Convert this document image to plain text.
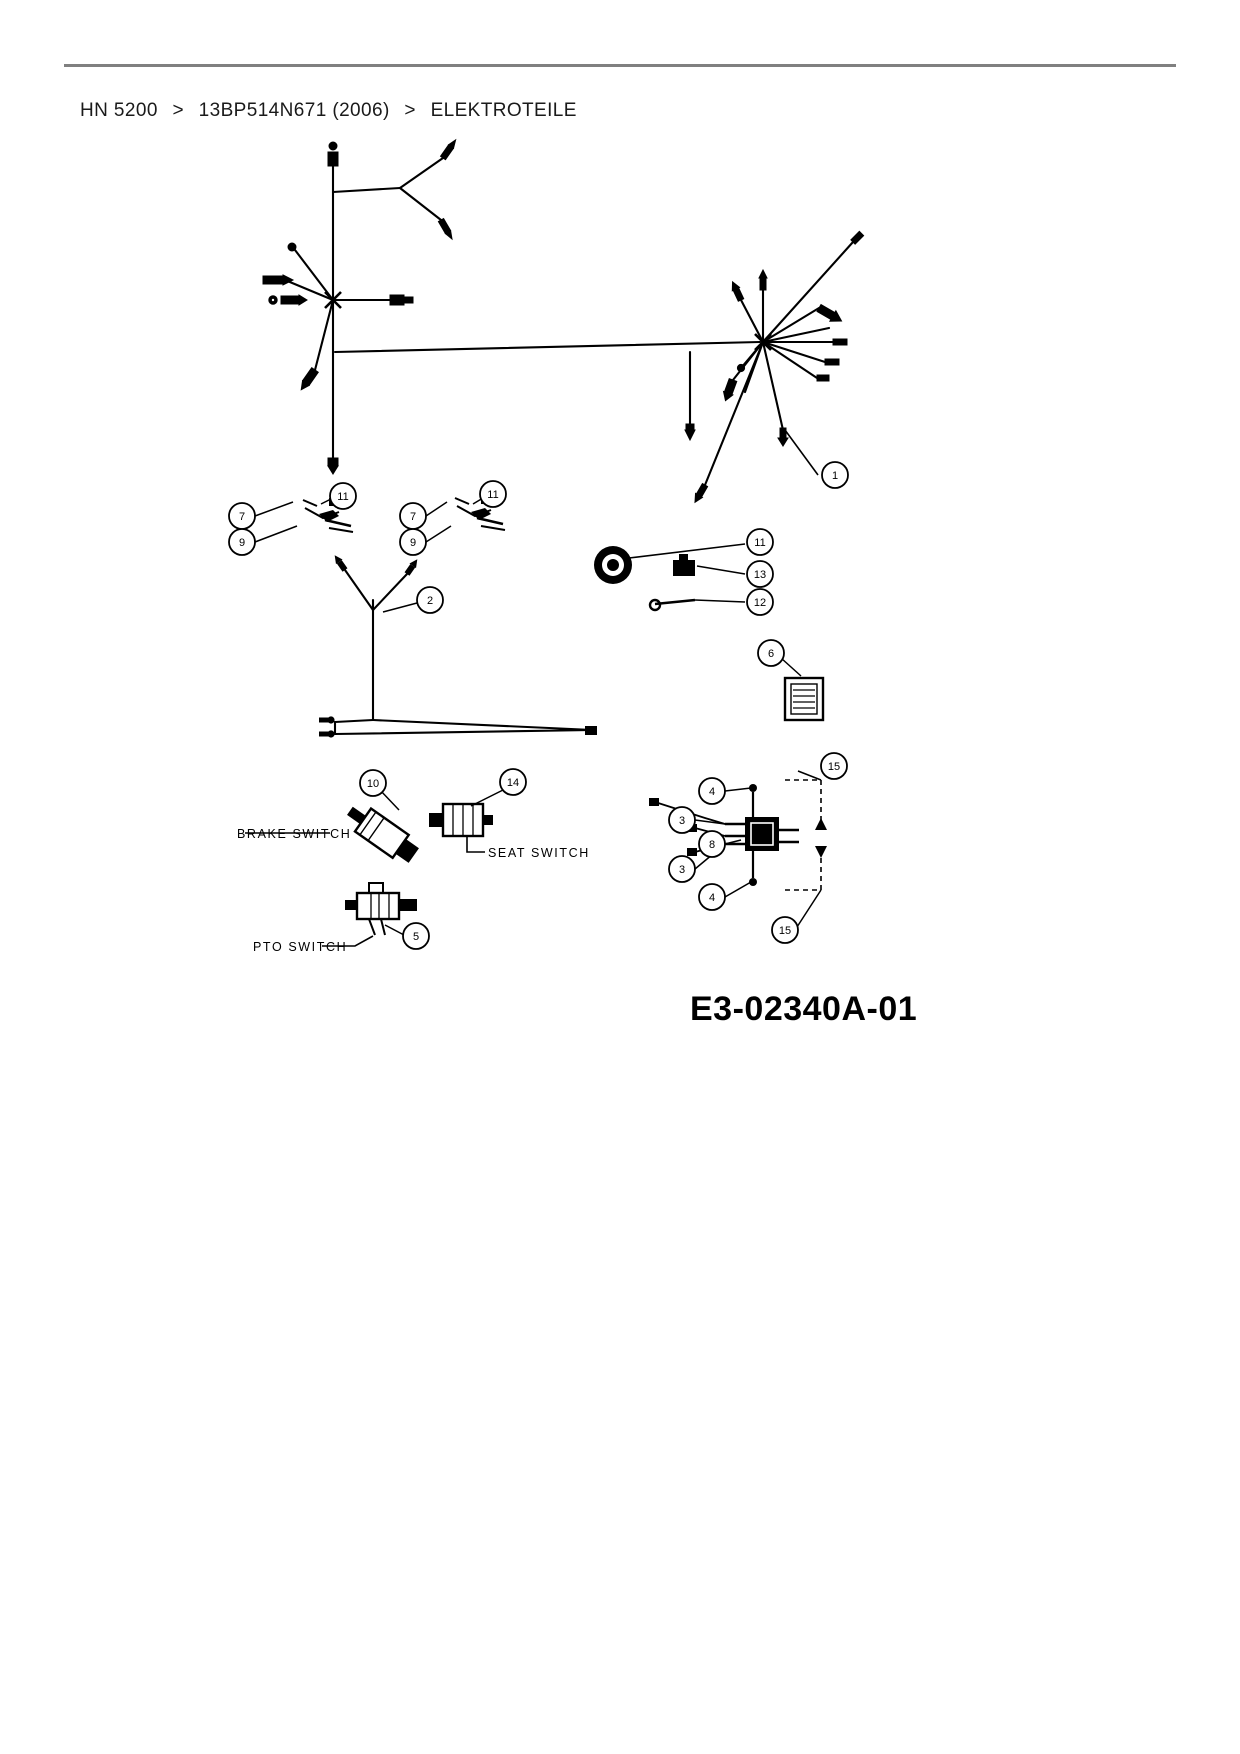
HN 5200 > 13BP514N671 (2006) > ELEKTROTEILE
BRAKE SWITCH
SEAT SWITCH
PTO SWITCH
1
7
9
11
7
9
11
2
11
13
12
6
10	14
5
15
4
3
8
3
4
15
E3-02340A-01
